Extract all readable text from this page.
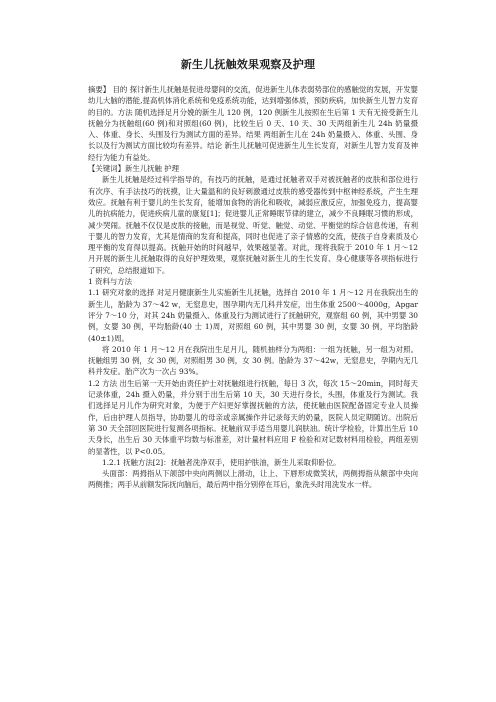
新生儿抚触效果观察及护理

摘要】 目的 探讨新生儿抚触是促进母婴间的交流，促进新生儿体表弱势部位的感触觉的发展，开发婴幼儿大脑的潜能,提高机体消化系统和免疫系统功能，达到增强体质，预防疾病，加快新生儿智力发育的目的。方法 随机选择足月分娩的新生儿 120 例，120 例新生儿按照在生后第 1 天有无接受新生儿抚触分为抚触组(60 例)和对照组(60 例)，比较生后 0 天、10 天、30 天两组新生儿 24h 奶量摄入、体重、身长、头围及行为测试方面的差异。结果 两组新生儿在 24h 奶量摄入、体重、头围、身长以及行为测试方面比较均有差异。结论 新生儿抚触可促进新生儿生长发育，对新生儿智力发育及神经行为能力有益处。

【关键词】新生儿抚触 护理

新生儿抚触是经过科学指导的，有技巧的抚触，是通过抚触者双手对被抚触者的皮肤和部位进行有次序、有手法技巧的抚摸，让大量温和的良好刺激通过皮肤的感受器传到中枢神经系统，产生生理效应。抚触有利于婴儿的生长发育，能增加食物的消化和吸收，减弱应激反应，加强免疫力，提高婴儿的抗病能力，促进疾病儿童的康复[1]；促进婴儿正常睡眠节律的建立，减少不良睡眠习惯的形成，减少哭闹。抚触不仅仅是皮肤的接触，而是视觉、听觉、触觉、动觉、平衡觉的综合信息传递，有利于婴儿的智力发育，尤其是情商的发育和提高，同时也促进了亲子情感的交流，使孩子自身素质及心理平衡的发育得以提高。抚触开始的时间越早，效果越显著。对此，现将我院于 2010 年 1 月～12 月开展的新生儿抚触取得的良好护理效果，观察抚触对新生儿的生长发育、身心健康等各项指标进行了研究，总结报道如下。

1 资料与方法

1.1 研究对象的选择 对足月健康新生儿实施新生儿抚触，选择自 2010 年 1 月～12 月在我院出生的新生儿，胎龄为 37～42 w，无窒息史，围孕期内无几科并发症，出生体重 2500～4000g，Apgar 评分 7～10 分，对其 24h 奶量摄入、体重及行为测试进行了抚触研究，观察组 60 例，其中男婴 30 例，女婴 30 例，平均胎龄(40 士 1)周，对照组 60 例，其中男婴 30 例，女婴 30 例，平均胎龄(40±1)周。

将 2010 年 1 月～12 月在我院出生足月儿，随机抽样分为两组：一组为抚触，另一组为对照。抚触组男 30 例，女 30 例，对照组男 30 例，女 30 例。胎龄为 37～42w，无窒息史，孕期内无几科并发症。胎产次为一次占 93%。

1.2 方法 出生后第一天开始由责任护士对抚触组进行抚触，每日 3 次，每次 15～20min，同时每天记录体重，24h 摄入奶量，并分别于出生后第 10 天，30 天进行身长，头围，体重及行为测试。我们选择足月儿作为研究对象，为便于产妇更好掌握抚触的方法，使抚触由医院配备固定专业人员操作，后由护理人员指导，协助婴儿的母亲或亲属操作并记录每天的奶量，医院人员定期随访。出院后第 30 天全部回医院进行复测各项指标。抚触前双手适当用婴儿润肤油。统计学检验，计算出生后 10 天身长，出生后 30 天体重平均数与标准差，对计量材料应用 F 检验和对记数材料用检验，两组差别的显著性，以 P<0.05。

1.2.1 抚触方法[2]：抚触者洗净双手，使用护肤油，新生儿采取仰卧位。

头面部：两拇指从下颌部中央向两侧以上滑动，让上、下唇形成微笑状，两侧拇指从额部中央向两侧推；两手从前额发际抚向脑后，最后两中指分别停在耳后，象洗头时用洗发水一样。
